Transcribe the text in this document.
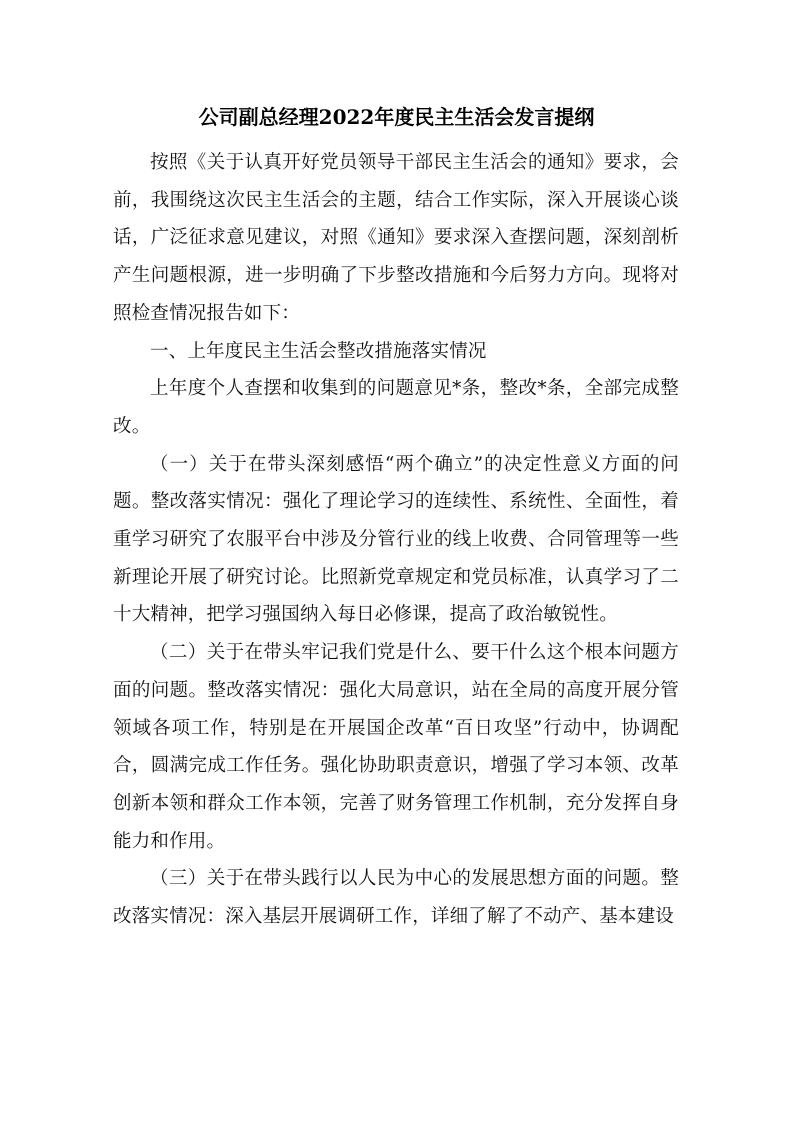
公司副总经理2022年度民主生活会发言提纲

按照《关于认真开好党员领导干部民主生活会的通知》要求，会前，我围绕这次民主生活会的主题，结合工作实际，深入开展谈心谈话，广泛征求意见建议，对照《通知》要求深入查摆问题，深刻剖析产生问题根源，进一步明确了下步整改措施和今后努力方向。现将对照检查情况报告如下：

一、上年度民主生活会整改措施落实情况

上年度个人查摆和收集到的问题意见*条，整改*条，全部完成整改。

（一）关于在带头深刻感悟“两个确立”的决定性意义方面的问题。整改落实情况：强化了理论学习的连续性、系统性、全面性，着重学习研究了农服平台中涉及分管行业的线上收费、合同管理等一些新理论开展了研究讨论。比照新党章规定和党员标准，认真学习了二十大精神，把学习强国纳入每日必修课，提高了政治敏锐性。

（二）关于在带头牢记我们党是什么、要干什么这个根本问题方面的问题。整改落实情况：强化大局意识，站在全局的高度开展分管领域各项工作，特别是在开展国企改革“百日攻坚”行动中，协调配合，圆满完成工作任务。强化协助职责意识，增强了学习本领、改革创新本领和群众工作本领，完善了财务管理工作机制，充分发挥自身能力和作用。

（三）关于在带头践行以人民为中心的发展思想方面的问题。整改落实情况：深入基层开展调研工作，详细了解了不动产、基本建设
